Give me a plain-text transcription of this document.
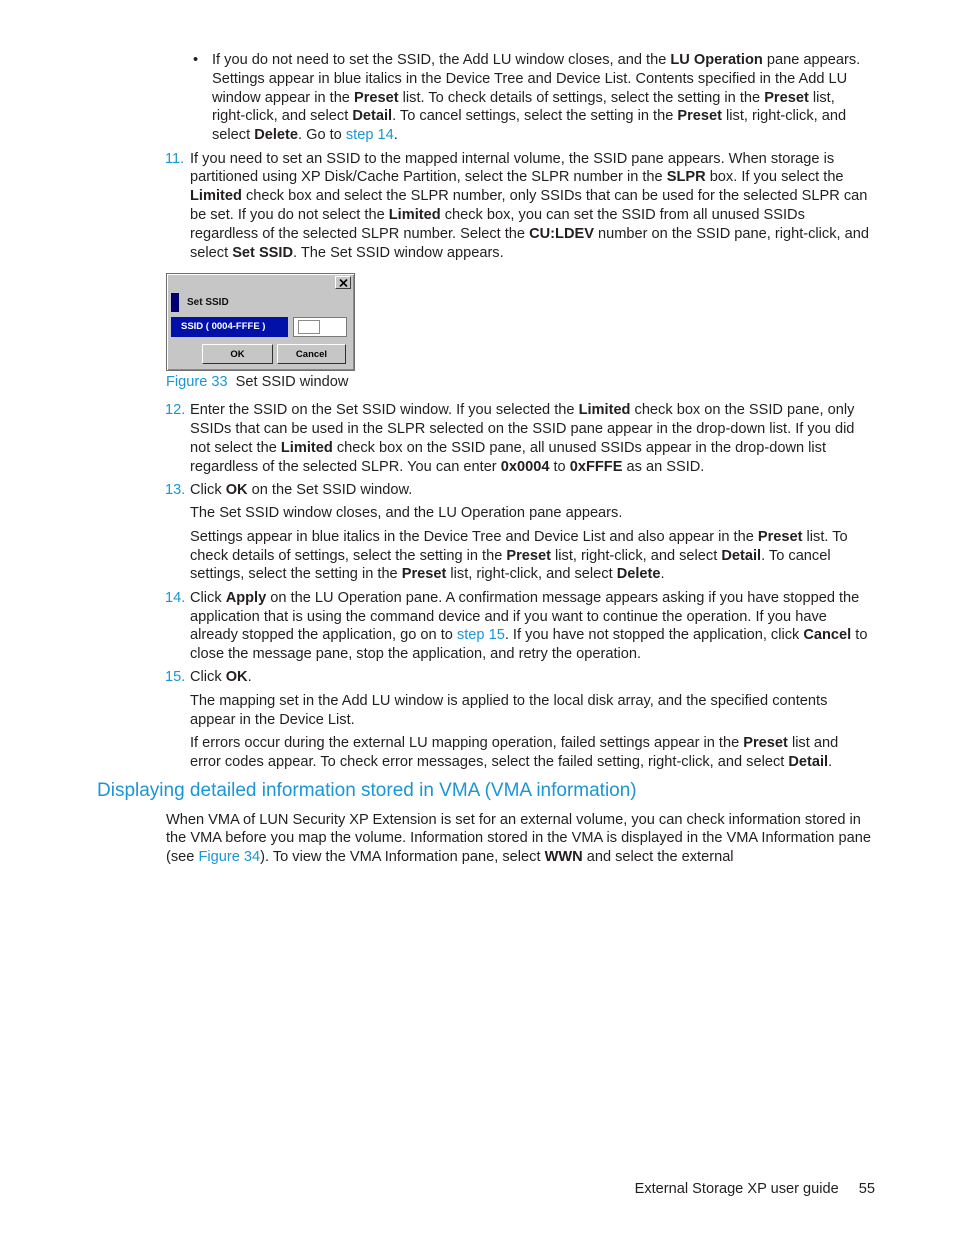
• If you do not need to set the SSID, the Add LU window closes, and the LU Operation pane appears. Settings appear in blue italics in the Device Tree and Device List. Contents specified in the Add LU window appear in the Preset list. To check details of settings, select the setting in the Preset list, right-click, and select Detail. To cancel settings, select the setting in the Preset list, right-click, and select Delete. Go to step 14.

11. If you need to set an SSID to the mapped internal volume, the SSID pane appears. When storage is partitioned using XP Disk/Cache Partition, select the SLPR number in the SLPR box. If you select the Limited check box and select the SLPR number, only SSIDs that can be used for the selected SLPR can be set. If you do not select the Limited check box, you can set the SSID from all unused SSIDs regardless of the selected SLPR number. Select the CU:LDEV number on the SSID pane, right-click, and select Set SSID. The Set SSID window appears.

Set SSID
SSID ( 0004-FFFE )
OK	Cancel
Figure 33 Set SSID window
12. Enter the SSID on the Set SSID window. If you selected the Limited check box on the SSID pane, only SSIDs that can be used in the SLPR selected on the SSID pane appear in the drop-down list. If you did not select the Limited check box on the SSID pane, all unused SSIDs appear in the drop-down list regardless of the selected SLPR. You can enter 0x0004 to 0xFFFE as an SSID.

13. Click OK on the Set SSID window.

The Set SSID window closes, and the LU Operation pane appears.

Settings appear in blue italics in the Device Tree and Device List and also appear in the Preset list. To check details of settings, select the setting in the Preset list, right-click, and select Detail. To cancel settings, select the setting in the Preset list, right-click, and select Delete.

14. Click Apply on the LU Operation pane. A confirmation message appears asking if you have stopped the application that is using the command device and if you want to continue the operation. If you have already stopped the application, go on to step 15. If you have not stopped the application, click Cancel to close the message pane, stop the application, and retry the operation.

15. Click OK.

The mapping set in the Add LU window is applied to the local disk array, and the specified contents appear in the Device List.

If errors occur during the external LU mapping operation, failed settings appear in the Preset list and error codes appear. To check error messages, select the failed setting, right-click, and select Detail.

Displaying detailed information stored in VMA (VMA information)

When VMA of LUN Security XP Extension is set for an external volume, you can check information stored in the VMA before you map the volume. Information stored in the VMA is displayed in the VMA Information pane (see Figure 34). To view the VMA Information pane, select WWN and select the external

External Storage XP user guide 55
